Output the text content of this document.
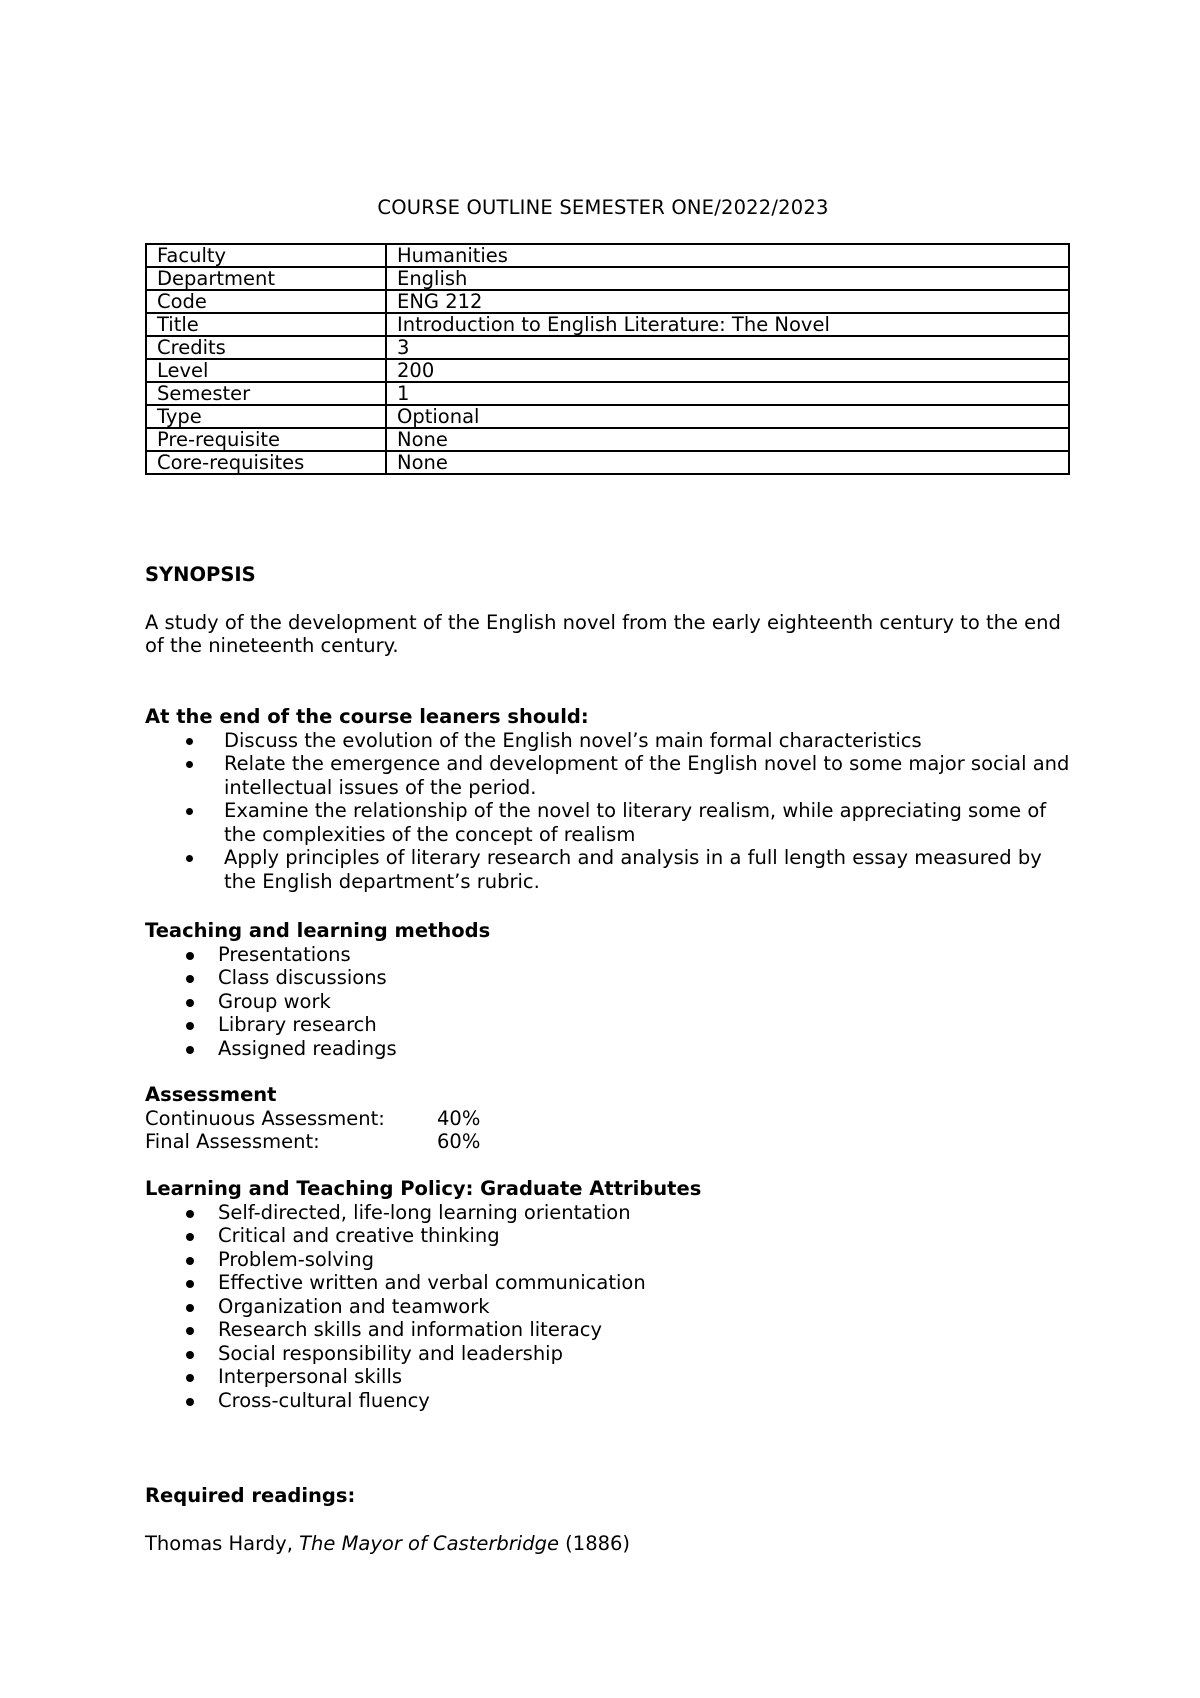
COURSE OUTLINE SEMESTER ONE/2022/2023
Faculty	Humanities
Department	English
Code	ENG 212
Title	Introduction to English Literature: The Novel
Credits	3
Level	200
Semester	1
Type	Optional
Pre-requisite	None
Core-requisites	None
SYNOPSIS

A study of the development of the English novel from the early eighteenth century to the end of the nineteenth century.

At the end of the course leaners should:
Discuss the evolution of the English novel’s main formal characteristics
Relate the emergence and development of the English novel to some major social and intellectual issues of the period.
Examine the relationship of the novel to literary realism, while appreciating some of the complexities of the concept of realism
Apply principles of literary research and analysis in a full length essay measured by the English department’s rubric.
Teaching and learning methods
Presentations
Class discussions
Group work
Library research
Assigned readings
Assessment
Continuous Assessment:	40%
Final Assessment:	60%
Learning and Teaching Policy: Graduate Attributes
Self-directed, life-long learning orientation
Critical and creative thinking
Problem-solving
Effective written and verbal communication
Organization and teamwork
Research skills and information literacy
Social responsibility and leadership
Interpersonal skills
Cross-cultural fluency
Required readings:

Thomas Hardy, The Mayor of Casterbridge (1886)
